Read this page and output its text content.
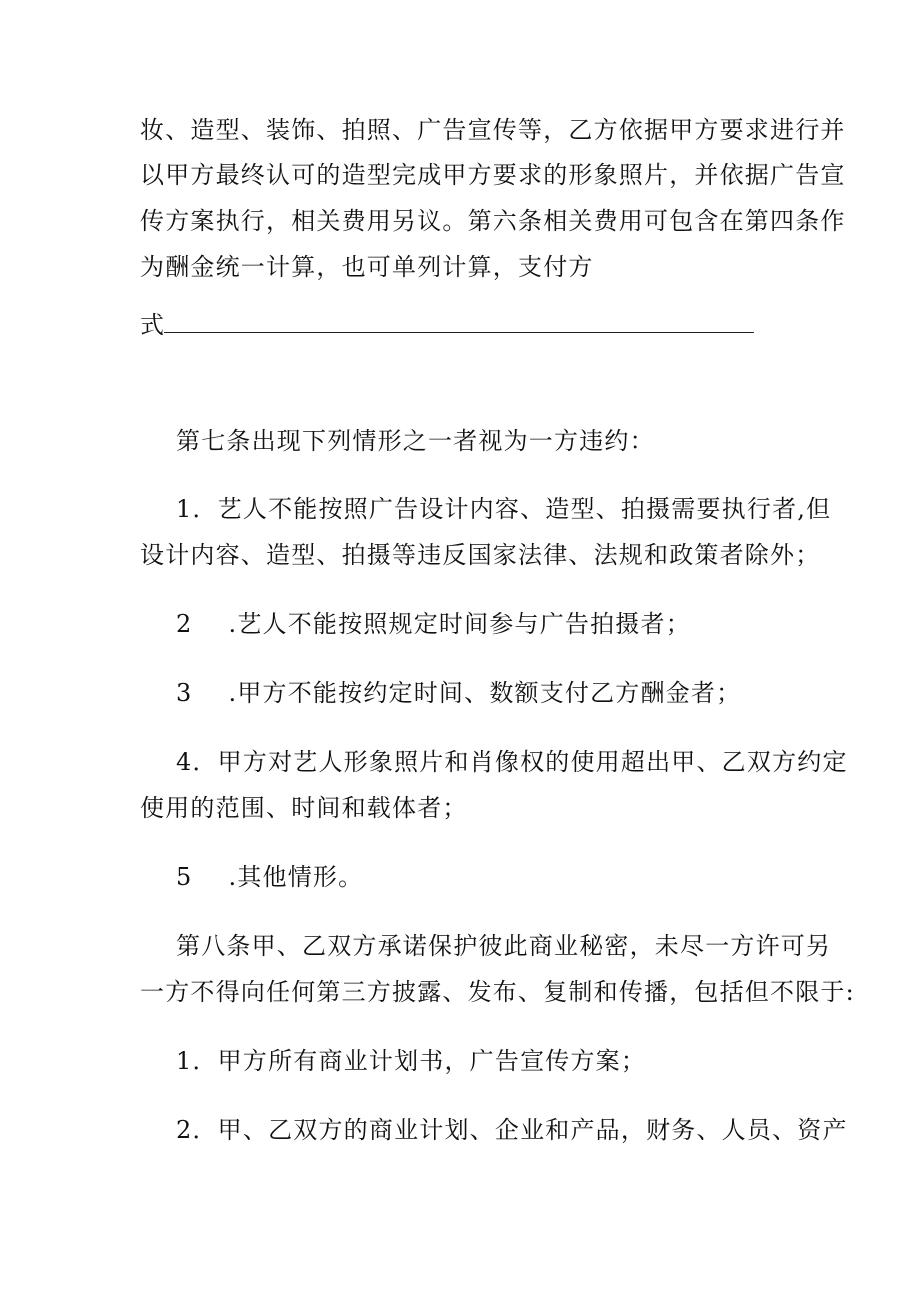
妆、造型、装饰、拍照、广告宣传等，乙方依据甲方要求进行并
以甲方最终认可的造型完成甲方要求的形象照片，并依据广告宣
传方案执行，相关费用另议。第六条相关费用可包含在第四条作
为酬金统一计算，也可单列计算，支付方
式
第七条出现下列情形之一者视为一方违约：
1．艺人不能按照广告设计内容、造型、拍摄需要执行者,但
设计内容、造型、拍摄等违反国家法律、法规和政策者除外；
2 .艺人不能按照规定时间参与广告拍摄者；
3 .甲方不能按约定时间、数额支付乙方酬金者；
4．甲方对艺人形象照片和肖像权的使用超出甲、乙双方约定
使用的范围、时间和载体者；
5 .其他情形。
第八条甲、乙双方承诺保护彼此商业秘密，未尽一方许可另
一方不得向任何第三方披露、发布、复制和传播，包括但不限于:
1．甲方所有商业计划书，广告宣传方案；
2．甲、乙双方的商业计划、企业和产品，财务、人员、资产
